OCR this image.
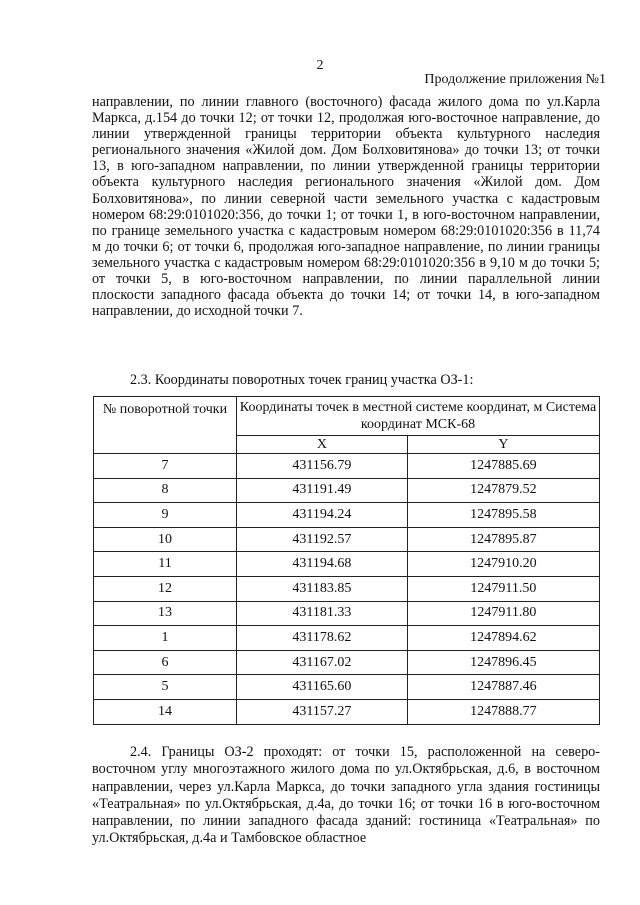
2
Продолжение приложения №1

направлении, по линии главного (восточного) фасада жилого дома по ул.Карла Маркса, д.154 до точки 12; от точки 12, продолжая юго-восточное направление, до линии утвержденной границы территории объекта культурного наследия регионального значения «Жилой дом. Дом Болховитянова» до точки 13; от точки 13, в юго-западном направлении, по линии утвержденной границы территории объекта культурного наследия регионального значения «Жилой дом. Дом Болховитянова», по линии северной части земельного участка с кадастровым номером 68:29:0101020:356, до точки 1; от точки 1, в юго-восточном направлении, по границе земельного участка с кадастровым номером 68:29:0101020:356 в 11,74 м до точки 6; от точки 6, продолжая юго-западное направление, по линии границы земельного участка с кадастровым номером 68:29:0101020:356 в 9,10 м до точки 5; от точки 5, в юго-восточном направлении, по линии параллельной линии плоскости западного фасада объекта до точки 14; от точки 14, в юго-западном направлении, до исходной точки 7.

2.3. Координаты поворотных точек границ участка ОЗ-1:

№ поворотной точки	Координаты точек в местной системе координат, м Система координат МСК-68	
	X	Y
7	431156.79	1247885.69
8	431191.49	1247879.52
9	431194.24	1247895.58
10	431192.57	1247895.87
11	431194.68	1247910.20
12	431183.85	1247911.50
13	431181.33	1247911.80
1	431178.62	1247894.62
6	431167.02	1247896.45
5	431165.60	1247887.46
14	431157.27	1247888.77

2.4. Границы ОЗ-2 проходят: от точки 15, расположенной на северо-восточном углу многоэтажного жилого дома по ул.Октябрьская, д.6, в восточном направлении, через ул.Карла Маркса, до точки западного угла здания гостиницы «Театральная» по ул.Октябрьская, д.4а, до точки 16; от точки 16 в юго-восточном направлении, по линии западного фасада зданий: гостиница «Театральная» по ул.Октябрьская, д.4а и Тамбовское областное
